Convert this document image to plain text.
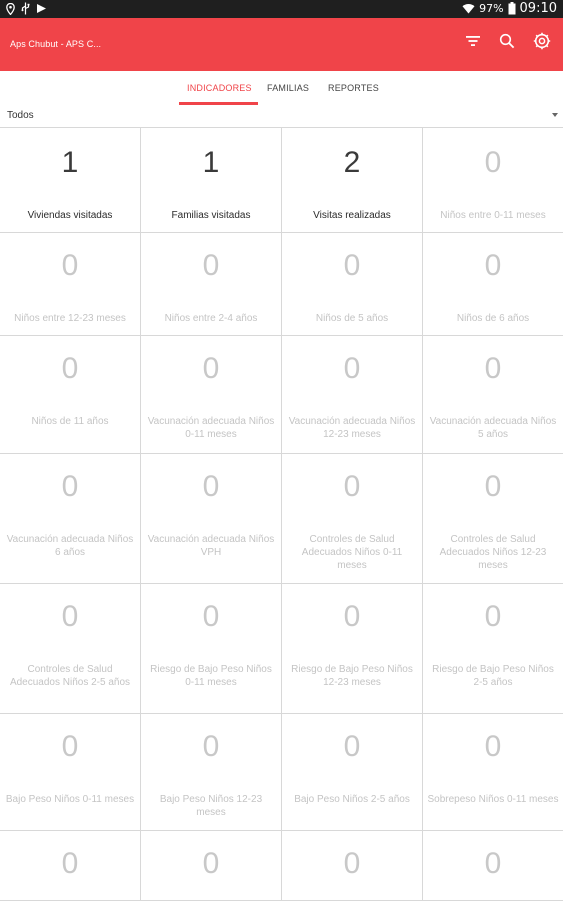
97% 09:10
Aps Chubut - APS C...
INDICADORES FAMILIAS REPORTES
Todos
1
Viviendas visitadas
1
Familias visitadas
2
Visitas realizadas
0
Niños entre 0-11 meses
0
Niños entre 12-23 meses
0
Niños entre 2-4 años
0
Niños de 5 años
0
Niños de 6 años
0
Niños de 11 años
0
Vacunación adecuada Niños 0-11 meses
0
Vacunación adecuada Niños 12-23 meses
0
Vacunación adecuada Niños 5 años
0
Vacunación adecuada Niños 6 años
0
Vacunación adecuada Niños VPH
0
Controles de Salud Adecuados Niños 0-11 meses
0
Controles de Salud Adecuados Niños 12-23 meses
0
Controles de Salud Adecuados Niños 2-5 años
0
Riesgo de Bajo Peso Niños 0-11 meses
0
Riesgo de Bajo Peso Niños 12-23 meses
0
Riesgo de Bajo Peso Niños 2-5 años
0
Bajo Peso Niños 0-11 meses
0
Bajo Peso Niños 12-23 meses
0
Bajo Peso Niños 2-5 años
0
Sobrepeso Niños 0-11 meses
0	0	0	0
